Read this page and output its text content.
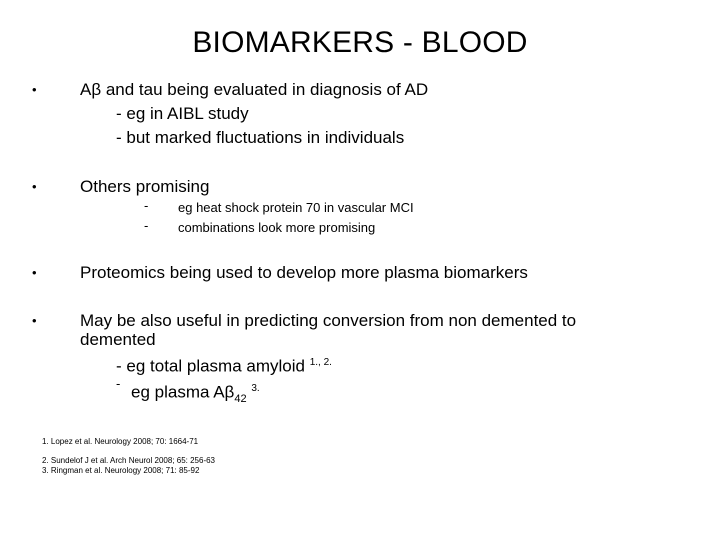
BIOMARKERS - BLOOD
•	Aβ and tau being evaluated in diagnosis of AD
- eg in AIBL study
- but marked fluctuations in individuals
•	Others promising
- eg heat shock protein 70 in vascular MCI
- combinations look more promising
•	Proteomics being used to develop more plasma biomarkers
•	May be also useful in predicting conversion from non demented to
demented
- eg total plasma amyloid $^{1., 2.}$
- eg plasma $A\beta_{42}$ $^{3.}$
1. Lopez et al. Neurology 2008; 70: 1664-71
2. Sundelof J et al. Arch Neurol 2008; 65: 256-63
3. Ringman et al. Neurology 2008; 71: 85-92
